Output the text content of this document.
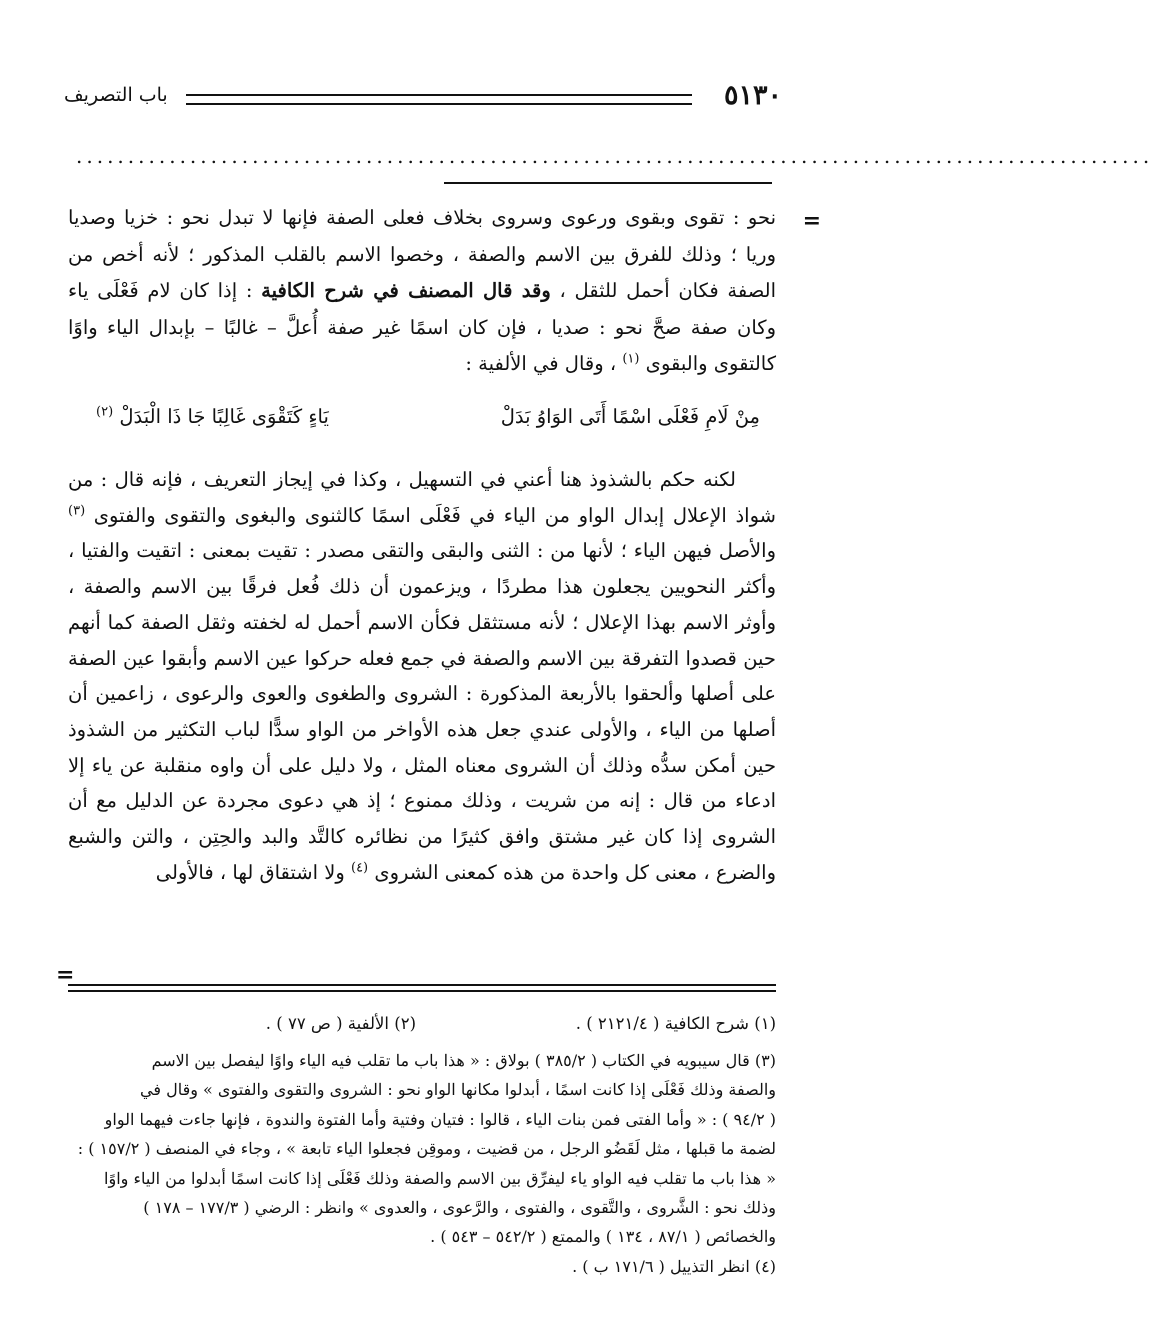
٥١٣٠
باب التصريف
........................................................................................................
=

نحو : تقوى وبقوى ورعوى وسروى بخلاف فعلى الصفة فإنها لا تبدل نحو : خزيا وصديا وريا ؛ وذلك للفرق بين الاسم والصفة ، وخصوا الاسم بالقلب المذكور ؛ لأنه أخص من الصفة فكان أحمل للثقل ، وقد قال المصنف في شرح الكافية : إذا كان لام فَعْلَى ياء وكان صفة صحَّ نحو : صديا ، فإن كان اسمًا غير صفة أُعلَّ – غالبًا – بإبدال الياء واوًا كالتقوى والبقوى $^{(١)}$ ، وقال في الألفية :

مِنْ لَامِ فَعْلَى اسْمًا أَتَى الوَاوُ بَدَلْ
يَاءٍ كَتَقْوَى غَالِبًا جَا ذَا الْبَدَلْ $^{(٢)}$
لكنه حكم بالشذوذ هنا أعني في التسهيل ، وكذا في إيجاز التعريف ، فإنه قال : من شواذ الإعلال إبدال الواو من الياء في فَعْلَى اسمًا كالثنوى والبغوى والتقوى والفتوى $^{(٣)}$ والأصل فيهن الياء ؛ لأنها من : الثنى والبقى والتقى مصدر : تقيت بمعنى : اتقيت والفتيا ، وأكثر النحويين يجعلون هذا مطردًا ، ويزعمون أن ذلك فُعل فرقًا بين الاسم والصفة ، وأوثر الاسم بهذا الإعلال ؛ لأنه مستثقل فكأن الاسم أحمل له لخفته وثقل الصفة كما أنهم حين قصدوا التفرقة بين الاسم والصفة في جمع فعله حركوا عين الاسم وأبقوا عين الصفة على أصلها وألحقوا بالأربعة المذكورة : الشروى والطغوى والعوى والرعوى ، زاعمين أن أصلها من الياء ، والأولى عندي جعل هذه الأواخر من الواو سدًّا لباب التكثير من الشذوذ حين أمكن سدُّه وذلك أن الشروى معناه المثل ، ولا دليل على أن واوه منقلبة عن ياء إلا ادعاء من قال : إنه من شريت ، وذلك ممنوع ؛ إذ هي دعوى مجردة عن الدليل مع أن الشروى إذا كان غير مشتق وافق كثيرًا من نظائره كالتَّد والبد والحِتِن ، والتن والشبع والضرع ، معنى كل واحدة من هذه كمعنى الشروى $^{(٤)}$ ولا اشتقاق لها ، فالأولى
=
(١) شرح الكافية ( ٢١٢١/٤ ) .
(٢) الألفية ( ص ٧٧ ) .

(٣) قال سيبويه في الكتاب ( ٣٨٥/٢ ) بولاق : « هذا باب ما تقلب فيه الياء واوًا ليفصل بين الاسم

والصفة وذلك فَعْلَى إذا كانت اسمًا ، أبدلوا مكانها الواو نحو : الشروى والتقوى والفتوى » وقال في

( ٩٤/٢ ) : « وأما الفتى فمن بنات الياء ، قالوا : فتيان وفتية وأما الفتوة والندوة ، فإنها جاءت فيهما الواو

لضمة ما قبلها ، مثل لَقَضُو الرجل ، من قضيت ، وموقِن فجعلوا الياء تابعة » ، وجاء في المنصف ( ١٥٧/٢ ) :

« هذا باب ما تقلب فيه الواو ياء ليفرِّق بين الاسم والصفة وذلك فَعْلَى إذا كانت اسمًا أبدلوا من الياء واوًا

وذلك نحو : الشَّروى ، والتَّقوى ، والفتوى ، والرَّعوى ، والعدوى » وانظر : الرضي ( ١٧٧/٣ – ١٧٨ )

والخصائص ( ٨٧/١ ، ١٣٤ ) والممتع ( ٥٤٢/٢ – ٥٤٣ ) .

(٤) انظر التذييل ( ١٧١/٦ ب ) .
